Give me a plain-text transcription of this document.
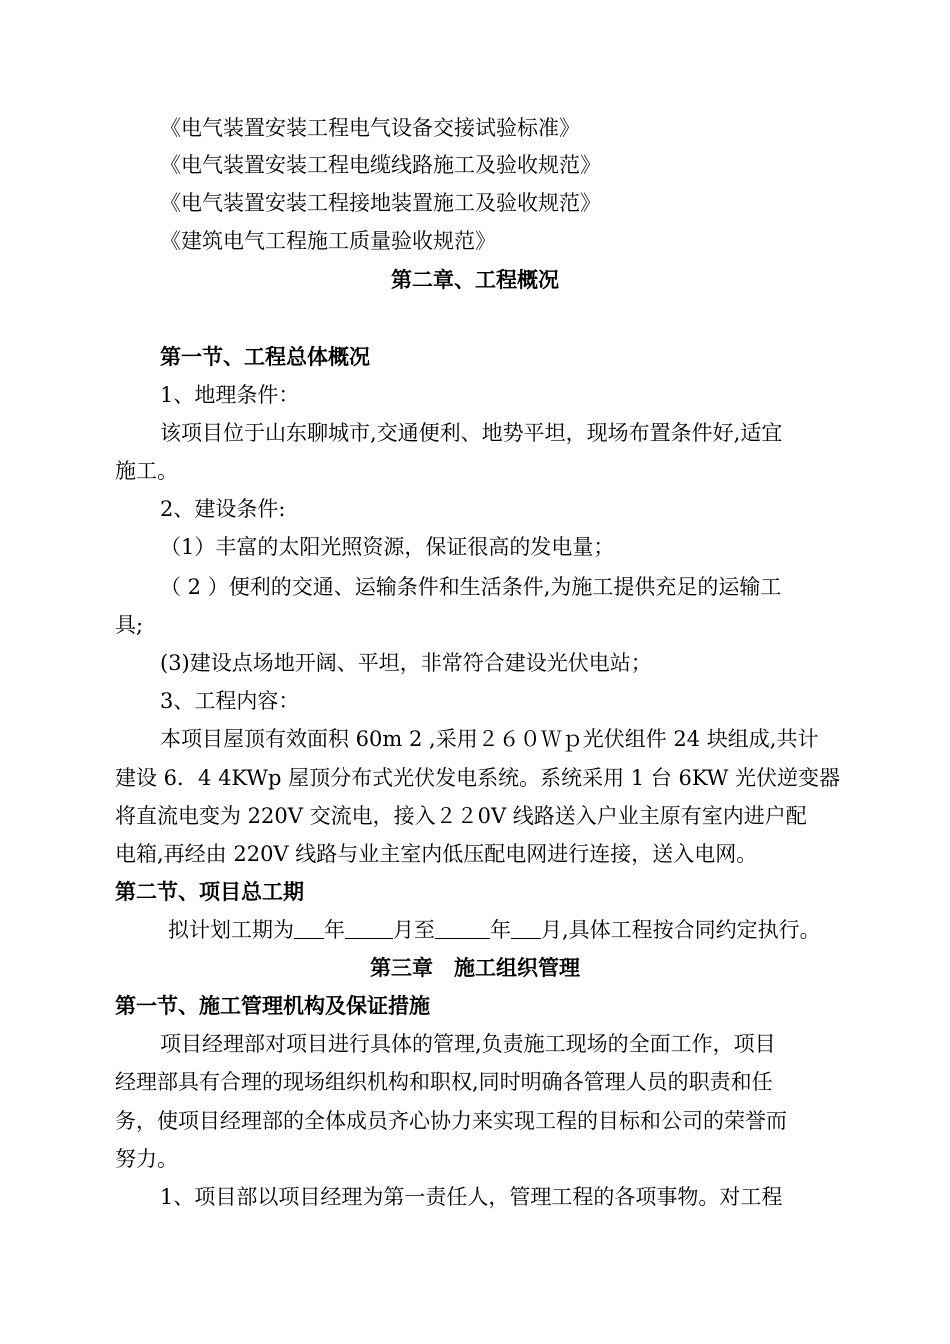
《电气装置安装工程电气设备交接试验标准》
《电气装置安装工程电缆线路施工及验收规范》
《电气装置安装工程接地装置施工及验收规范》
《建筑电气工程施工质量验收规范》
第二章、工程概况
第一节、工程总体概况
1、地理条件：
该项目位于山东聊城市,交通便利、地势平坦，现场布置条件好,适宜
施工。
2、建设条件:
（1）丰富的太阳光照资源，保证很高的发电量；
（ 2 ）便利的交通、运输条件和生活条件,为施工提供充足的运输工
具;
(3)建设点场地开阔、平坦，非常符合建设光伏电站；
3、工程内容：
本项目屋顶有效面积 60m 2 ,采用２６０Ｗｐ光伏组件 24 块组成,共计
建设 6．4 4KWp 屋顶分布式光伏发电系统。系统采用 1 台 6KW 光伏逆变器
将直流电变为 220V 交流电，接入２２0V 线路送入户业主原有室内进户配
电箱,再经由 220V 线路与业主室内低压配电网进行连接，送入电网。
第二节、项目总工期
拟计划工期为 年 月至	年 月,具体工程按合同约定执行。
第三章　施工组织管理
第一节、施工管理机构及保证措施
项目经理部对项目进行具体的管理,负责施工现场的全面工作，项目
经理部具有合理的现场组织机构和职权,同时明确各管理人员的职责和任
务，使项目经理部的全体成员齐心协力来实现工程的目标和公司的荣誉而
努力。
1、项目部以项目经理为第一责任人，管理工程的各项事物。对工程
